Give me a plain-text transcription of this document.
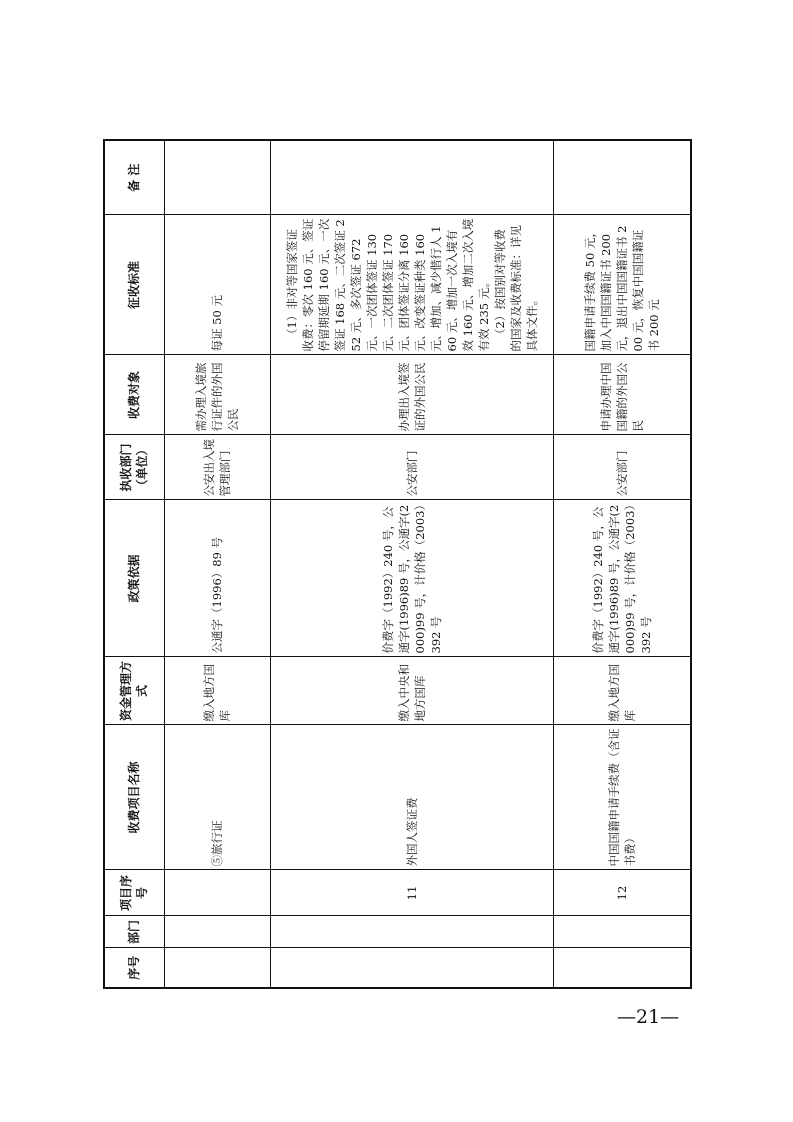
序号	部门	项目序号	收费项目名称	资金管理方式	政策依据	执收部门（单位）	收费对象	征收标准	备 注
			⑤旅行证	缴入地方国库	公通字（1996）89 号	公安出入境管理部门	需办理入境旅行证件的外国公民	每证 50 元	
		11	外国人签证费	缴入中央和地方国库	价费字（1992）240 号，公通字(1996)89 号，公通字(2000)99 号，计价格（2003）392 号	公安部门	办理出入境签证的外国公民	（1）非对等国家签证收费：零次 160 元、签证停留期延期 160 元、一次签证 168 元、二次签证 252 元、多次签证 672 元、一次团体签证 130 元、二次团体签证 170 元、团体签证分离 160 元、改变签证种类 160 元、增加、减少偕行人 160 元、增加一次入境有效 160 元、增加二次入境有效 235 元。 （2）按国别对等收费的国家及收费标准：详见具体文件。	

		12	中国国籍申请手续费（含证书费）	缴入地方国库	价费字（1992）240 号，公通字(1996)89 号，公通字(2000)99 号，计价格（2003）392 号	公安部门	申请办理中国国籍的外国公民	国籍申请手续费 50 元，加入中国国籍证书 200 元，退出中国国籍证书 200 元，恢复中国国籍证书 200 元	
—21—
